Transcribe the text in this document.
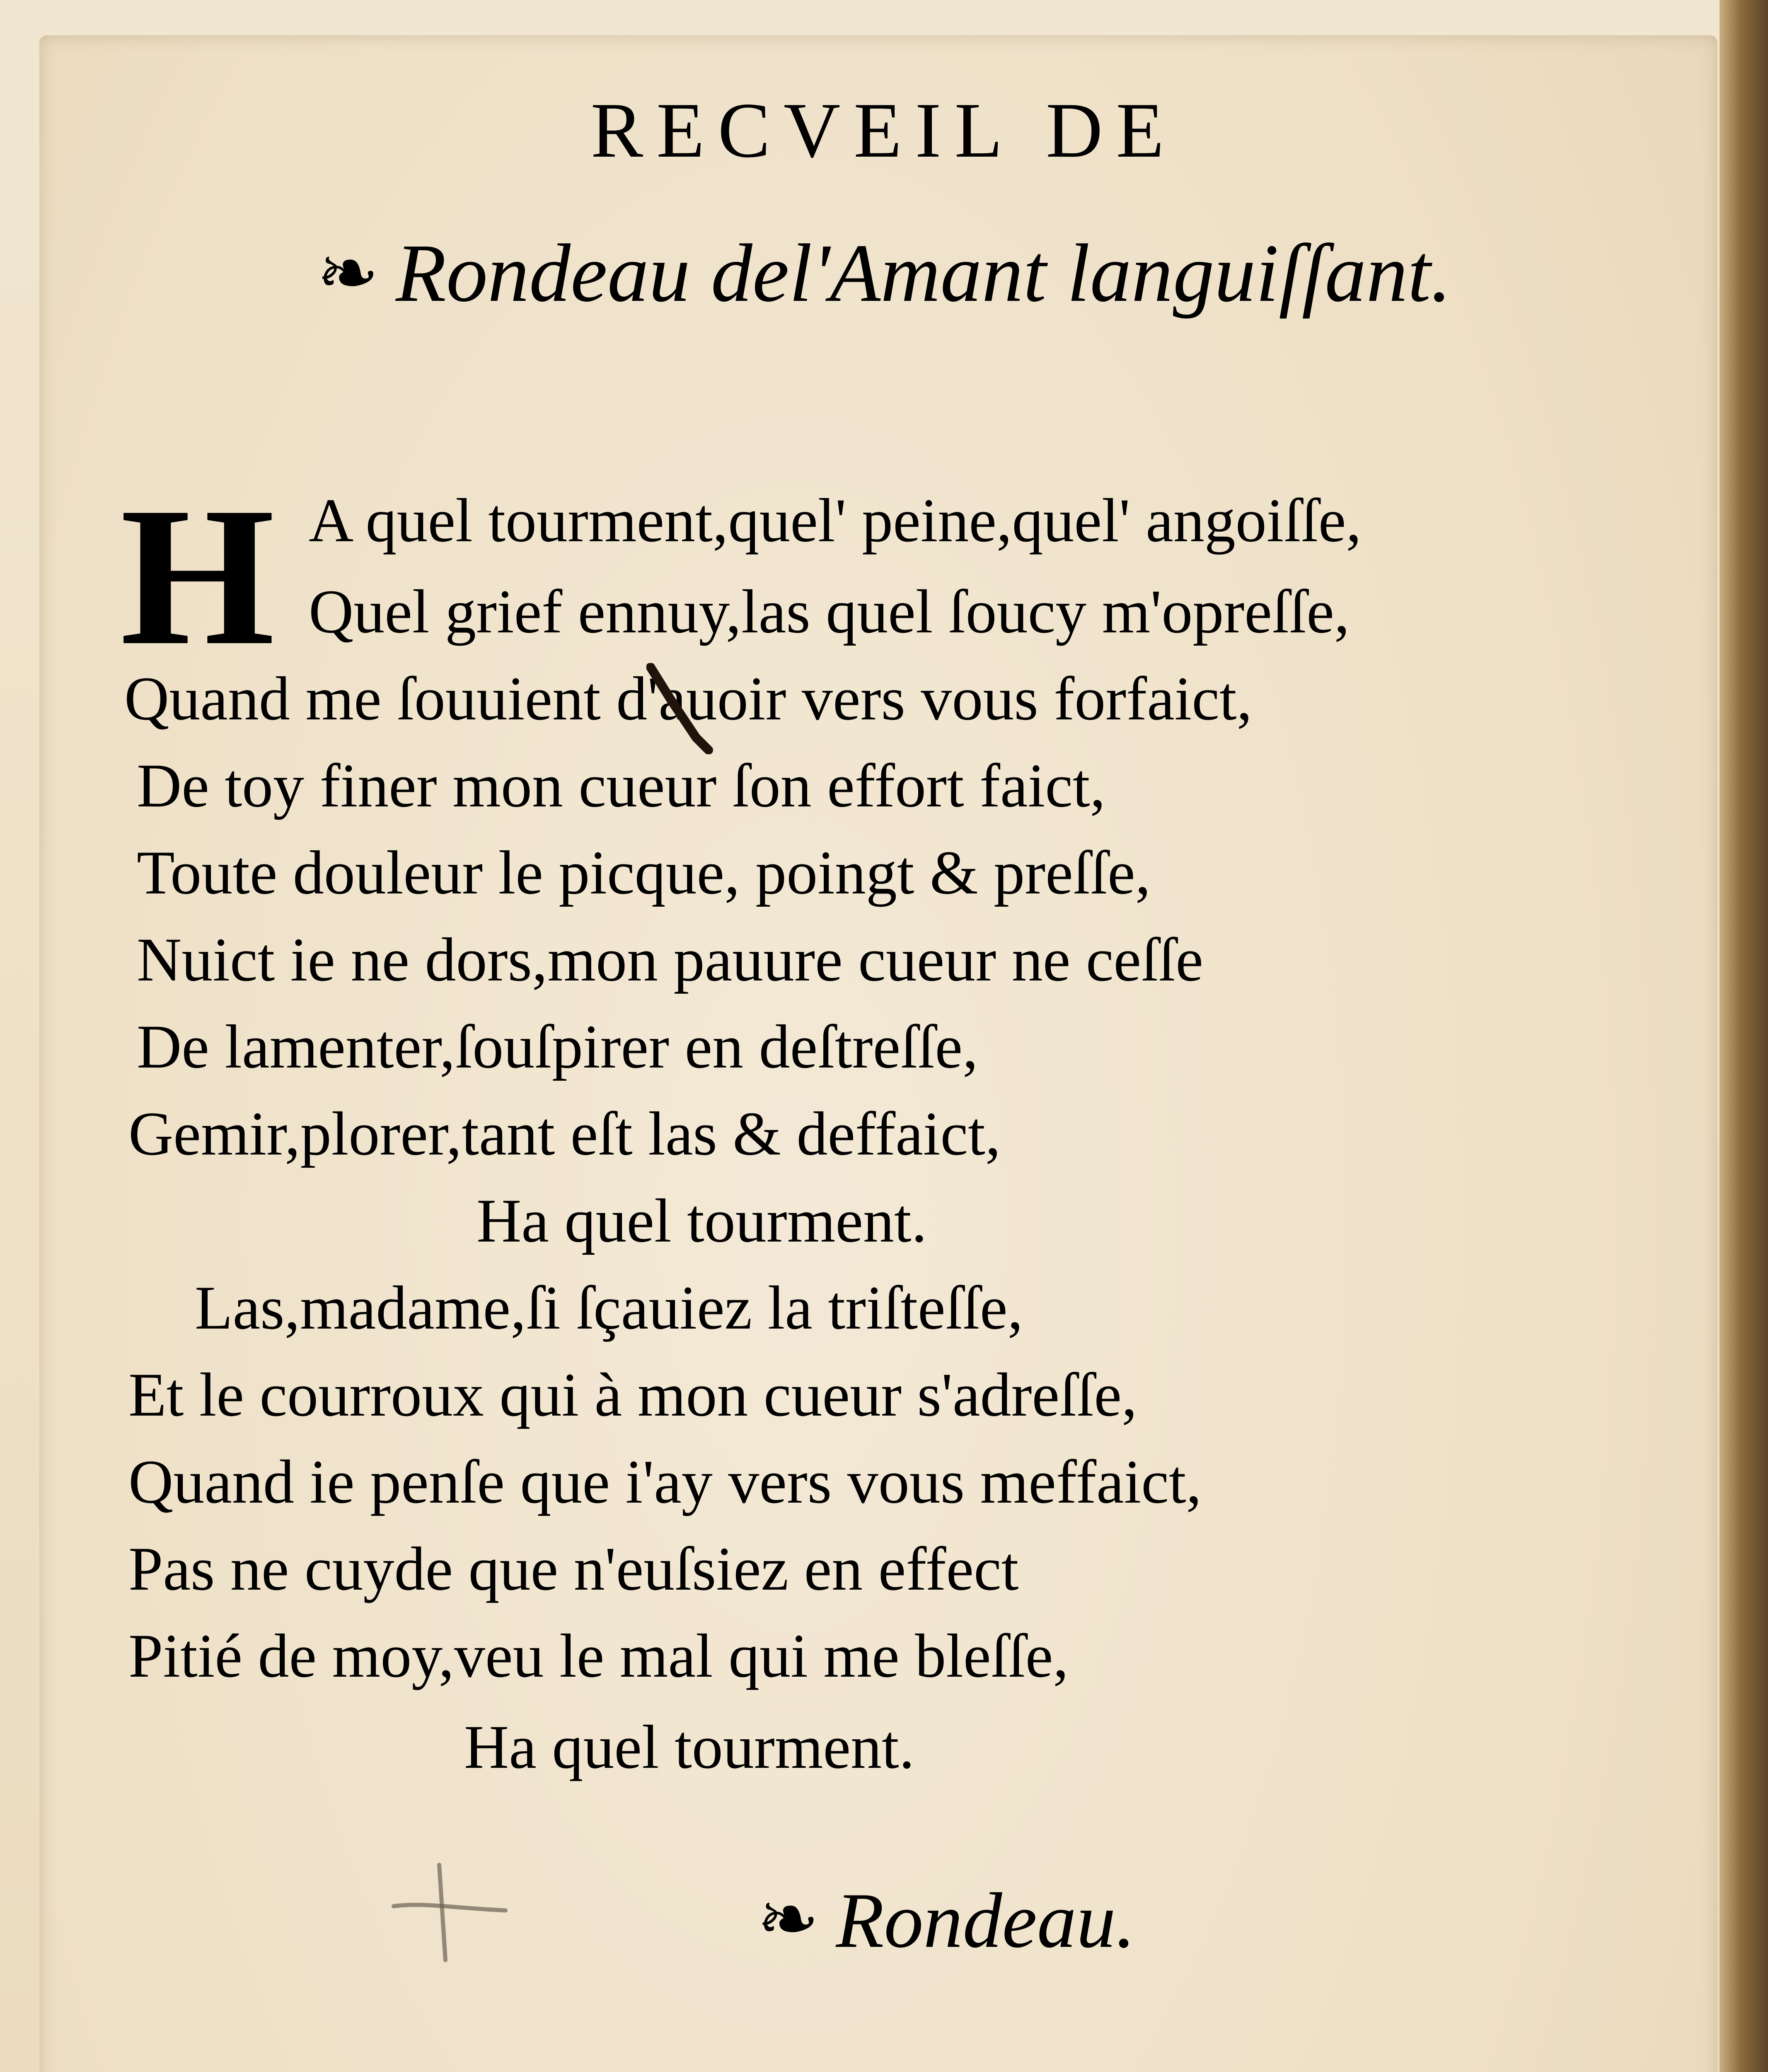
RECVEIL DE
❧ Rondeau del'Amant languiſſant.
H A quel tourment,quel' peine,quel' angoiſſe,
Quel grief ennuy,las quel ſoucy m'opreſſe,
Quand me ſouuient d'auoir vers vous forfaict,
De toy finer mon cueur ſon effort faict,
Toute douleur le picque, poingt & preſſe,
Nuict ie ne dors,mon pauure cueur ne ceſſe
De lamenter,ſouſpirer en deſtreſſe,
Gemir,plorer,tant eſt las & deffaict,
Ha quel tourment.
Las,madame,ſi ſçauiez la triſteſſe,
Et le courroux qui à mon cueur s'adreſſe,
Quand ie penſe que i'ay vers vous meffaict,
Pas ne cuyde que n'euſsiez en effect
Pitié de moy,veu le mal qui me bleſſe,
Ha quel tourment.
❧ Rondeau.
